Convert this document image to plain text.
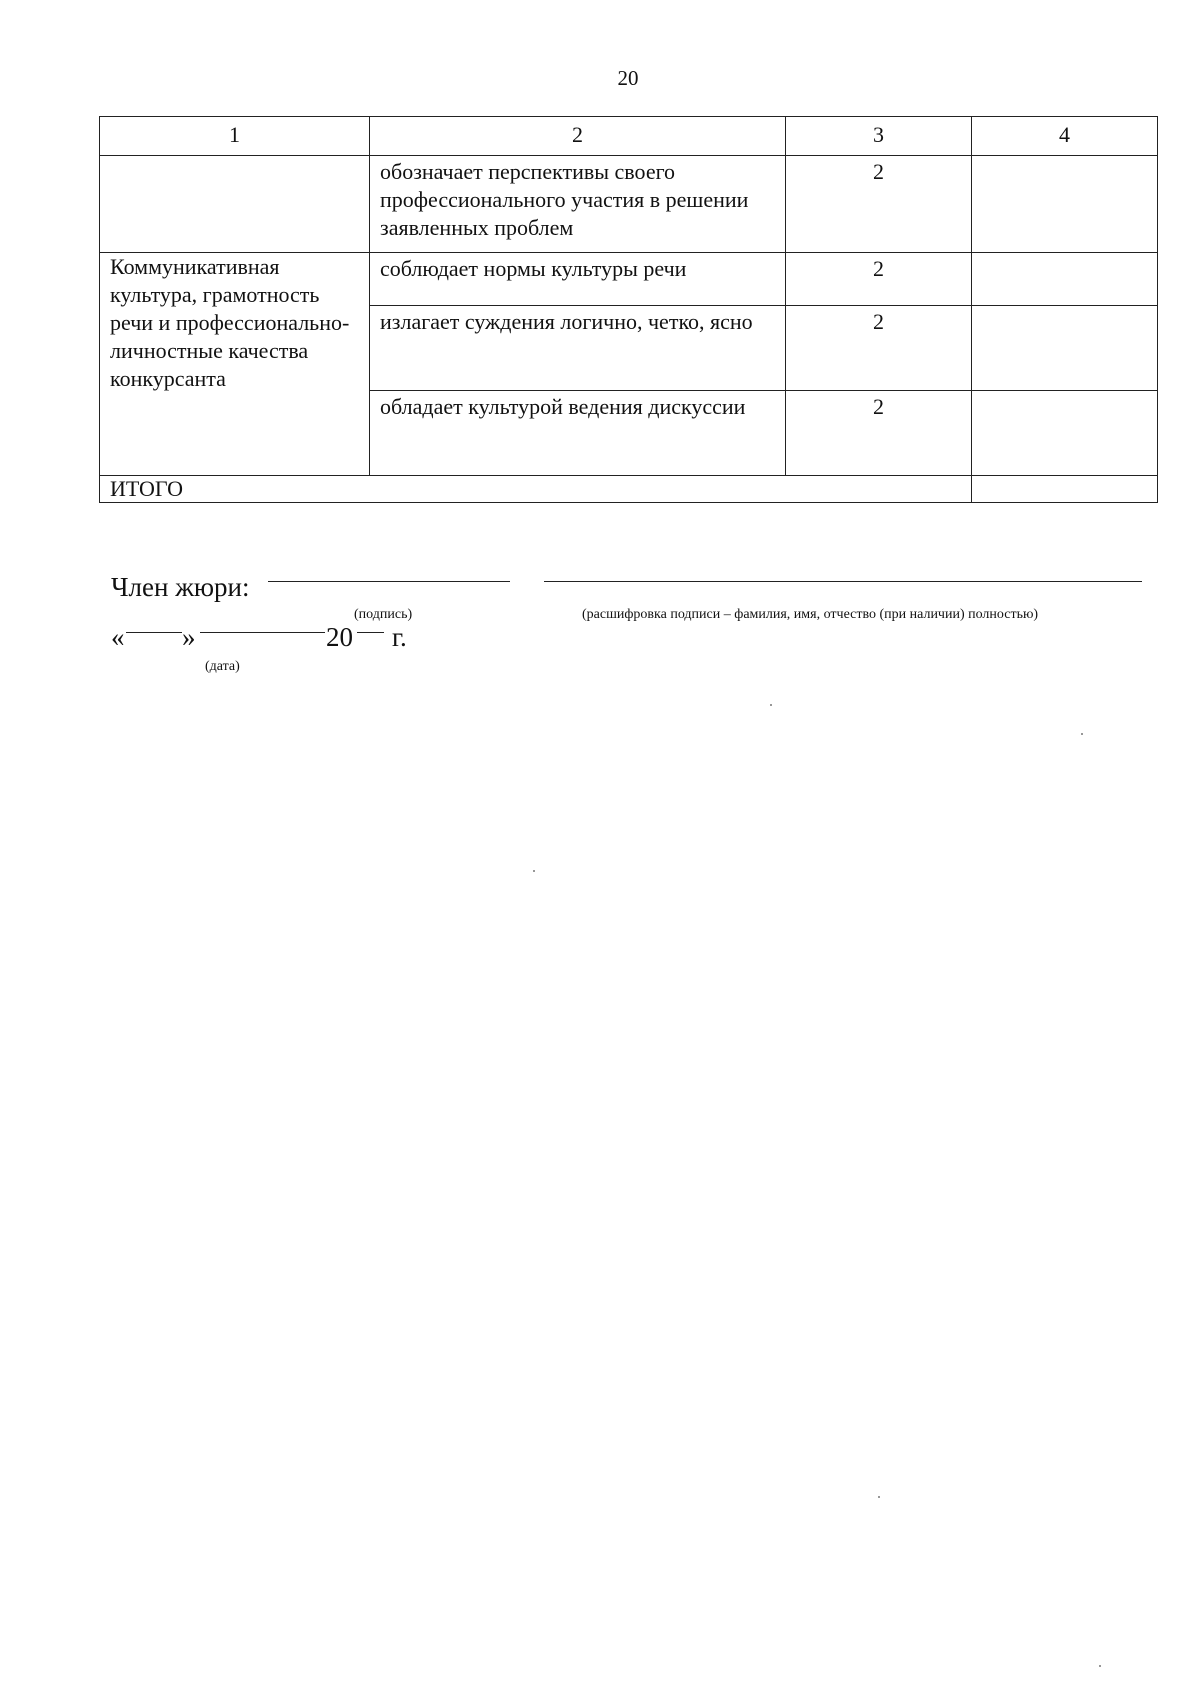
20
1	2	3	4
	обозначает перспективы своего профессионального участия в решении заявленных проблем	2	
Коммуникативная культура, грамотность речи и профессионально-личностные качества конкурсанта	соблюдает нормы культуры речи	2	
	излагает суждения логично, четко, ясно	2	
	обладает культурой ведения дискуссии	2	
ИТОГО			
Член жюри:
(подпись)	(расшифровка подписи – фамилия, имя, отчество (при наличии) полностью)
« »	20 г.
(дата)
